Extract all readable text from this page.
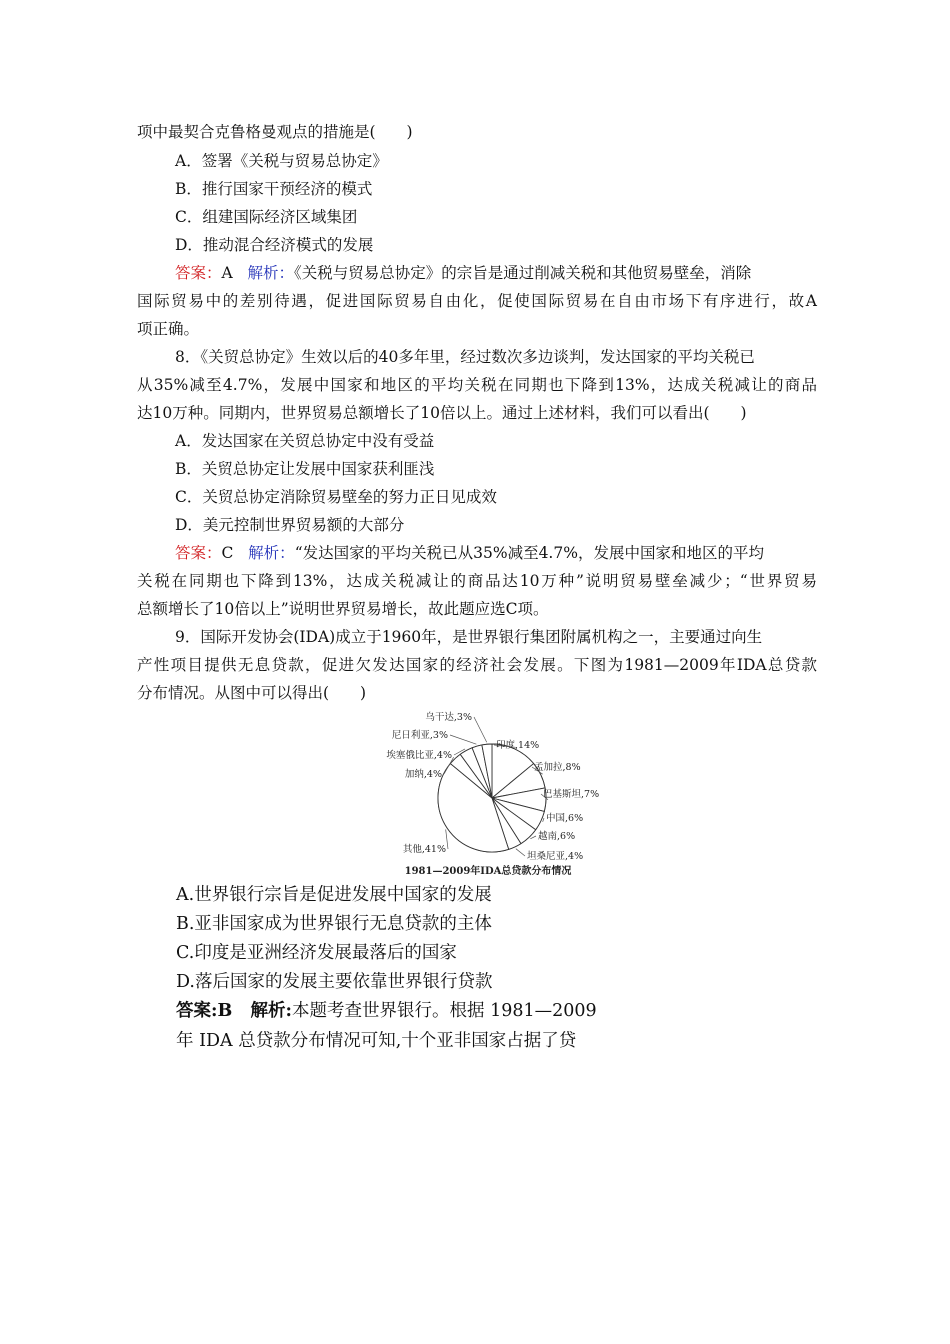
项中最契合克鲁格曼观点的措施是(　　)
A．签署《关税与贸易总协定》
B．推行国家干预经济的模式
C．组建国际经济区域集团
D．推动混合经济模式的发展
答案：A 解析：《关税与贸易总协定》的宗旨是通过削减关税和其他贸易壁垒，消除
国际贸易中的差别待遇，促进国际贸易自由化，促使国际贸易在自由市场下有序进行，故A
项正确。
8．《关贸总协定》生效以后的40多年里，经过数次多边谈判，发达国家的平均关税已
从35%减至4.7%，发展中国家和地区的平均关税在同期也下降到13%，达成关税减让的商品
达10万种。同期内，世界贸易总额增长了10倍以上。通过上述材料，我们可以看出(　　)
A．发达国家在关贸总协定中没有受益
B．关贸总协定让发展中国家获利匪浅
C．关贸总协定消除贸易壁垒的努力正日见成效
D．美元控制世界贸易额的大部分
答案：C 解析：“发达国家的平均关税已从35%减至4.7%，发展中国家和地区的平均
关税在同期也下降到13%，达成关税减让的商品达10万种”说明贸易壁垒减少；“世界贸易
总额增长了10倍以上”说明世界贸易增长，故此题应选C项。
9．国际开发协会(IDA)成立于1960年，是世界银行集团附属机构之一，主要通过向生
产性项目提供无息贷款，促进欠发达国家的经济社会发展。下图为1981—2009年IDA总贷款
分布情况。从图中可以得出(　　)
印度,14%
孟加拉,8%
巴基斯坦,7%
中国,6%
越南,6%
坦桑尼亚,4%
其他,41%
加纳,4%
埃塞俄比亚,4%
尼日利亚,3%
乌干达,3%
1981—2009年IDA总贷款分布情况
A.世界银行宗旨是促进发展中国家的发展
B.亚非国家成为世界银行无息贷款的主体
C.印度是亚洲经济发展最落后的国家
D.落后国家的发展主要依靠世界银行贷款
答案:B 解析:本题考查世界银行。根据 1981—2009
年 IDA 总贷款分布情况可知,十个亚非国家占据了贷
